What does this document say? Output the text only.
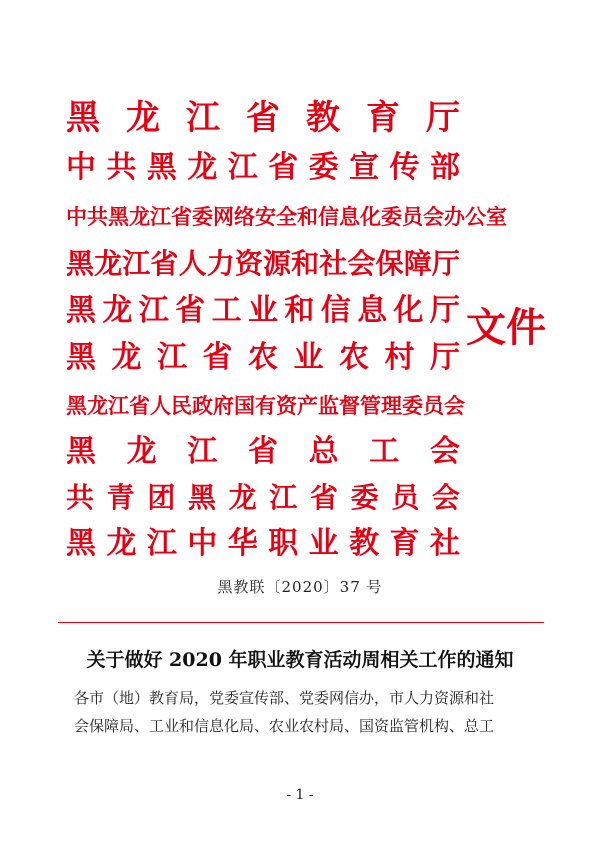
黑 龙 江 省 教 育 厅
中 共 黑 龙 江 省 委 宣 传 部
中 共 黑 龙 江 省 委 网 络 安 全 和 信 息 化 委 员 会 办 公 室
黑 龙 江 省 人 力 资 源 和 社 会 保 障 厅
黑 龙 江 省 工 业 和 信 息 化 厅
黑 龙 江 省 农 业 农 村 厅
黑 龙 江 省 人 民 政 府 国 有 资 产 监 督 管 理 委 员 会
黑 龙 江 省 总 工 会
共 青 团 黑 龙 江 省 委 员 会
黑 龙 江 中 华 职 业 教 育 社
文件
黑教联〔2020〕37 号
关于做好 2020 年职业教育活动周相关工作的通知
各市（地）教育局，党委宣传部、党委网信办，市人力资源和社
会保障局、工业和信息化局、农业农村局、国资监管机构、总工
- 1 -
